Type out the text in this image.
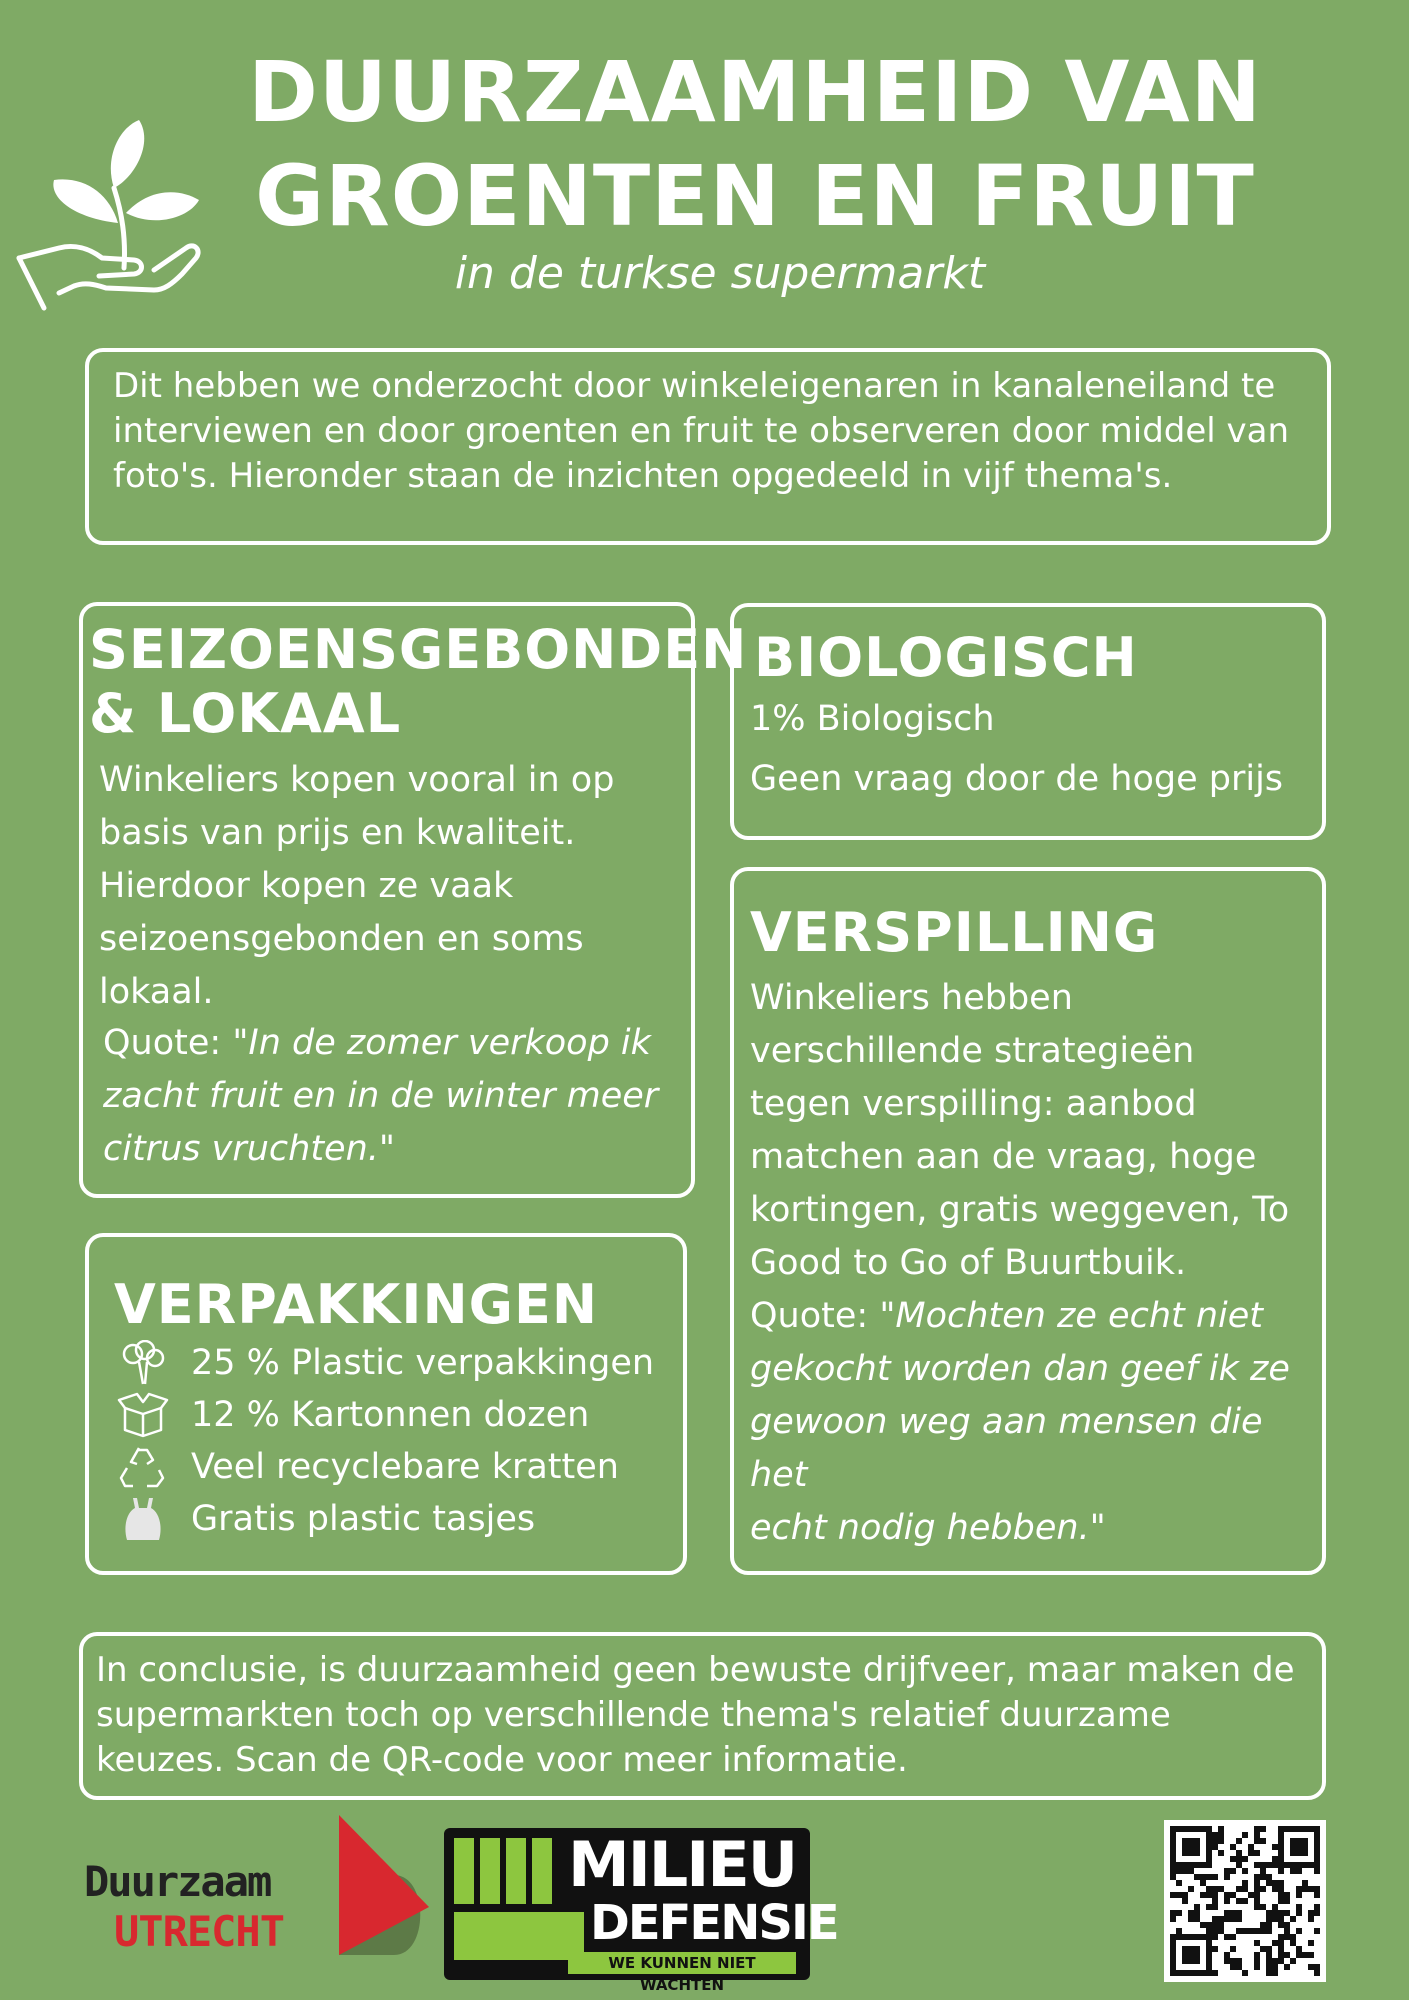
DUURZAAMHEID VAN
GROENTEN EN FRUIT
in de turkse supermarkt

Dit hebben we onderzocht door winkeleigenaren in kanaleneiland te interviewen en door groenten en fruit te observeren door middel van foto's. Hieronder staan de inzichten opgedeeld in vijf thema's.

SEIZOENSGEBONDEN
& LOKAAL
Winkeliers kopen vooral in op
basis van prijs en kwaliteit.
Hierdoor kopen ze vaak
seizoensgebonden en soms
lokaal.
Quote: "In de zomer verkoop ik
zacht fruit en in de winter meer
citrus vruchten."
BIOLOGISCH
1% Biologisch
Geen vraag door de hoge prijs
VERSPILLING
Winkeliers hebben
verschillende strategieën
tegen verspilling: aanbod
matchen aan de vraag, hoge
kortingen, gratis weggeven, To
Good to Go of Buurtbuik.
Quote: "Mochten ze echt niet
gekocht worden dan geef ik ze
gewoon weg aan mensen die het
echt nodig hebben."
VERPAKKINGEN
25 % Plastic verpakkingen
12 % Kartonnen dozen
Veel recyclebare kratten
Gratis plastic tasjes

In conclusie, is duurzaamheid geen bewuste drijfveer, maar maken de supermarkten toch op verschillende thema's relatief duurzame keuzes. Scan de QR-code voor meer informatie.

Duurzaam
UTRECHT
MILIEU
DEFENSIE
WE KUNNEN NIET WACHTEN
